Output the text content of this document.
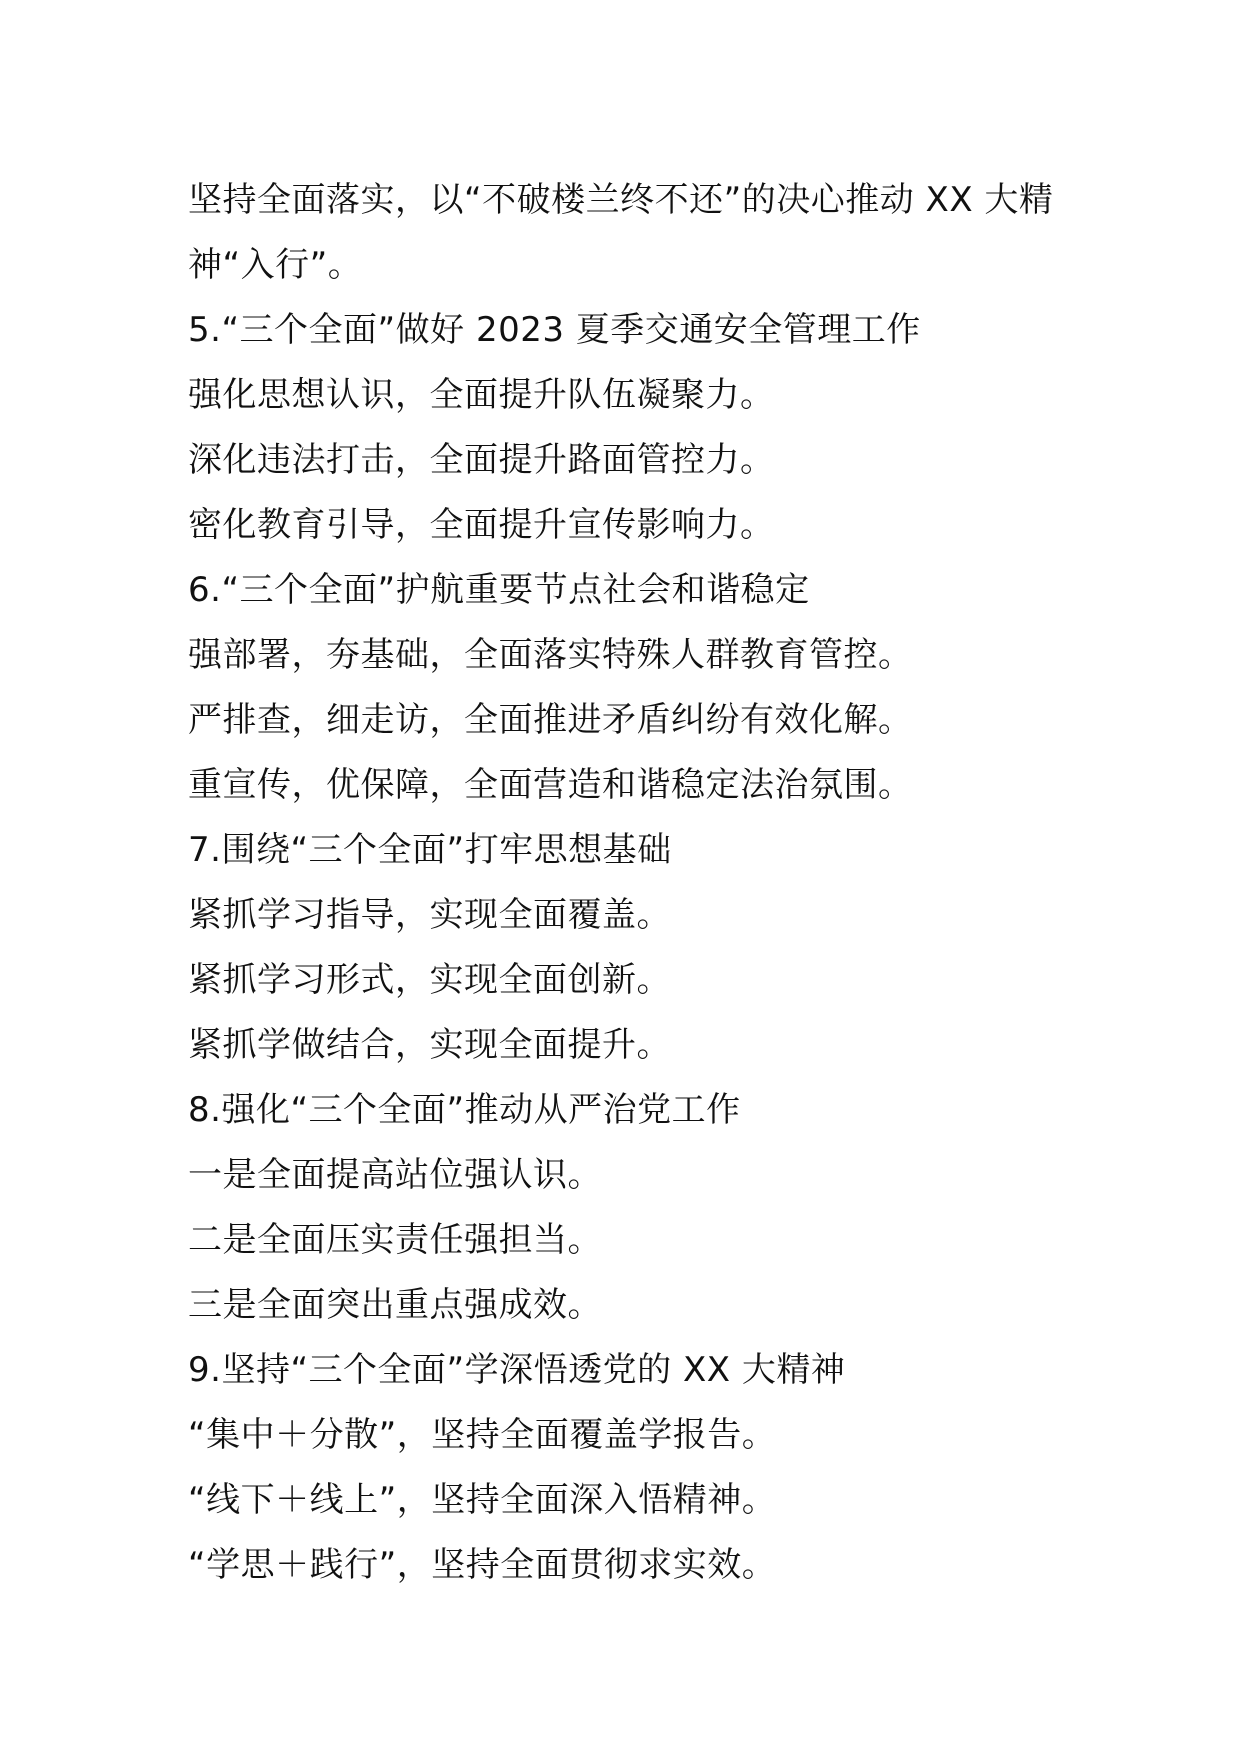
坚持全面落实，以“不破楼兰终不还”的决心推动 XX 大精
神“入行”。
5.“三个全面”做好 2023 夏季交通安全管理工作
强化思想认识，全面提升队伍凝聚力。
深化违法打击，全面提升路面管控力。
密化教育引导，全面提升宣传影响力。
6.“三个全面”护航重要节点社会和谐稳定
强部署，夯基础，全面落实特殊人群教育管控。
严排查，细走访，全面推进矛盾纠纷有效化解。
重宣传，优保障，全面营造和谐稳定法治氛围。
7.围绕“三个全面”打牢思想基础
紧抓学习指导，实现全面覆盖。
紧抓学习形式，实现全面创新。
紧抓学做结合，实现全面提升。
8.强化“三个全面”推动从严治党工作
一是全面提高站位强认识。
二是全面压实责任强担当。
三是全面突出重点强成效。
9.坚持“三个全面”学深悟透党的 XX 大精神
“集中＋分散”，坚持全面覆盖学报告。
“线下＋线上”，坚持全面深入悟精神。
“学思＋践行”，坚持全面贯彻求实效。
